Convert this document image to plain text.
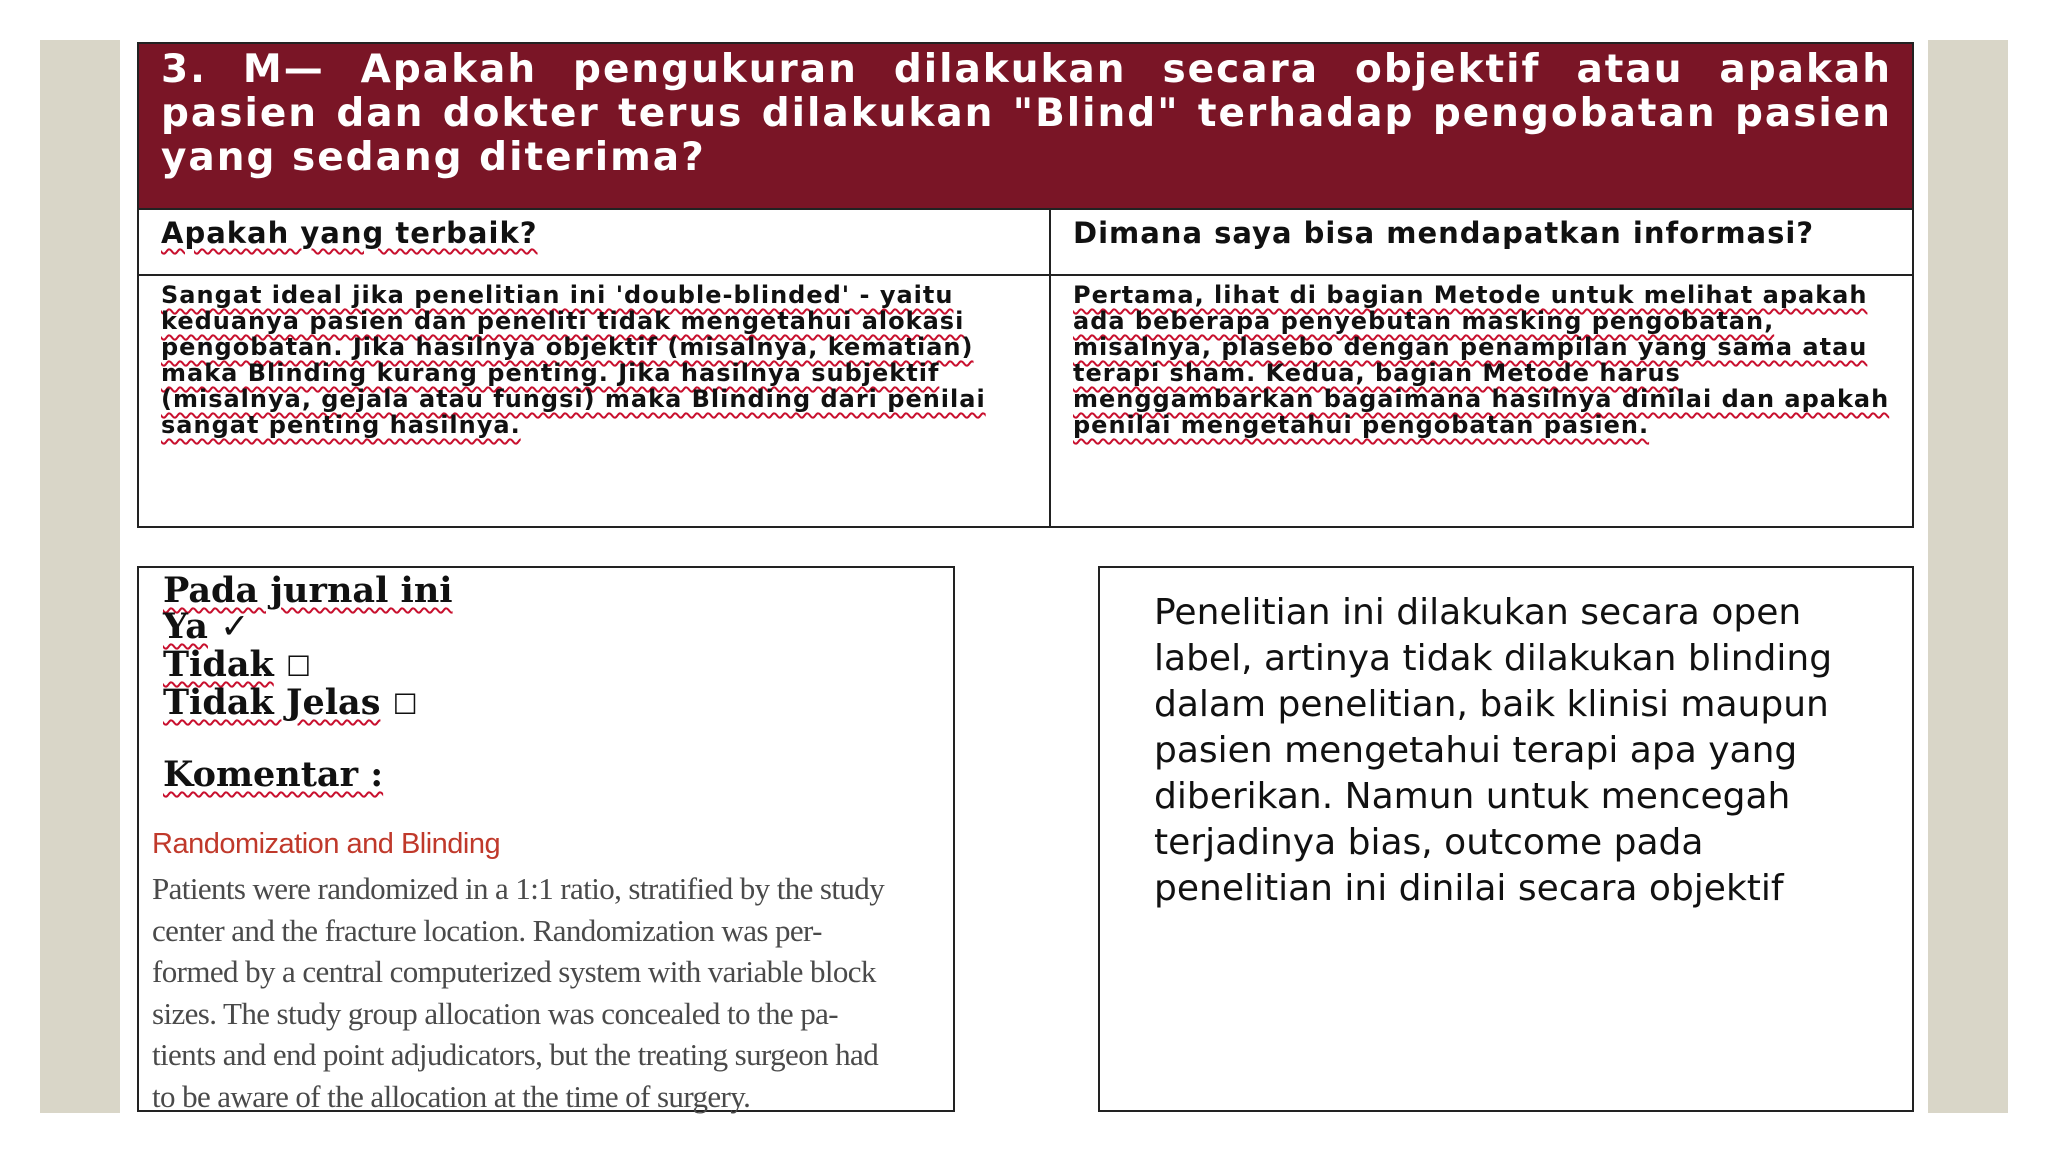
3. M— Apakah pengukuran dilakukan secara objektif atau apakah pasien dan dokter terus dilakukan "Blind" terhadap pengobatan pasien yang sedang diterima?

Apakah yang terbaik?	Dimana saya bisa mendapatkan informasi?
Sangat ideal jika penelitian ini 'double-blinded' - yaitu keduanya pasien dan peneliti tidak mengetahui alokasi pengobatan. Jika hasilnya objektif (misalnya, kematian) maka Blinding kurang penting. Jika hasilnya subjektif (misalnya, gejala atau fungsi) maka Blinding dari penilai sangat penting hasilnya.
Pertama, lihat di bagian Metode untuk melihat apakah ada beberapa penyebutan masking pengobatan, misalnya, plasebo dengan penampilan yang sama atau terapi sham. Kedua, bagian Metode harus menggambarkan bagaimana hasilnya dinilai dan apakah penilai mengetahui pengobatan pasien.
Pada jurnal ini
Ya ✓
Tidak ☐
Tidak Jelas ☐
Komentar :
Randomization and Blinding
Patients were randomized in a 1:1 ratio, stratified by the study
center and the fracture location. Randomization was per-
formed by a central computerized system with variable block
sizes. The study group allocation was concealed to the pa-
tients and end point adjudicators, but the treating surgeon had
to be aware of the allocation at the time of surgery.

Penelitian ini dilakukan secara open label, artinya tidak dilakukan blinding dalam penelitian, baik klinisi maupun pasien mengetahui terapi apa yang diberikan. Namun untuk mencegah terjadinya bias, outcome pada penelitian ini dinilai secara objektif
